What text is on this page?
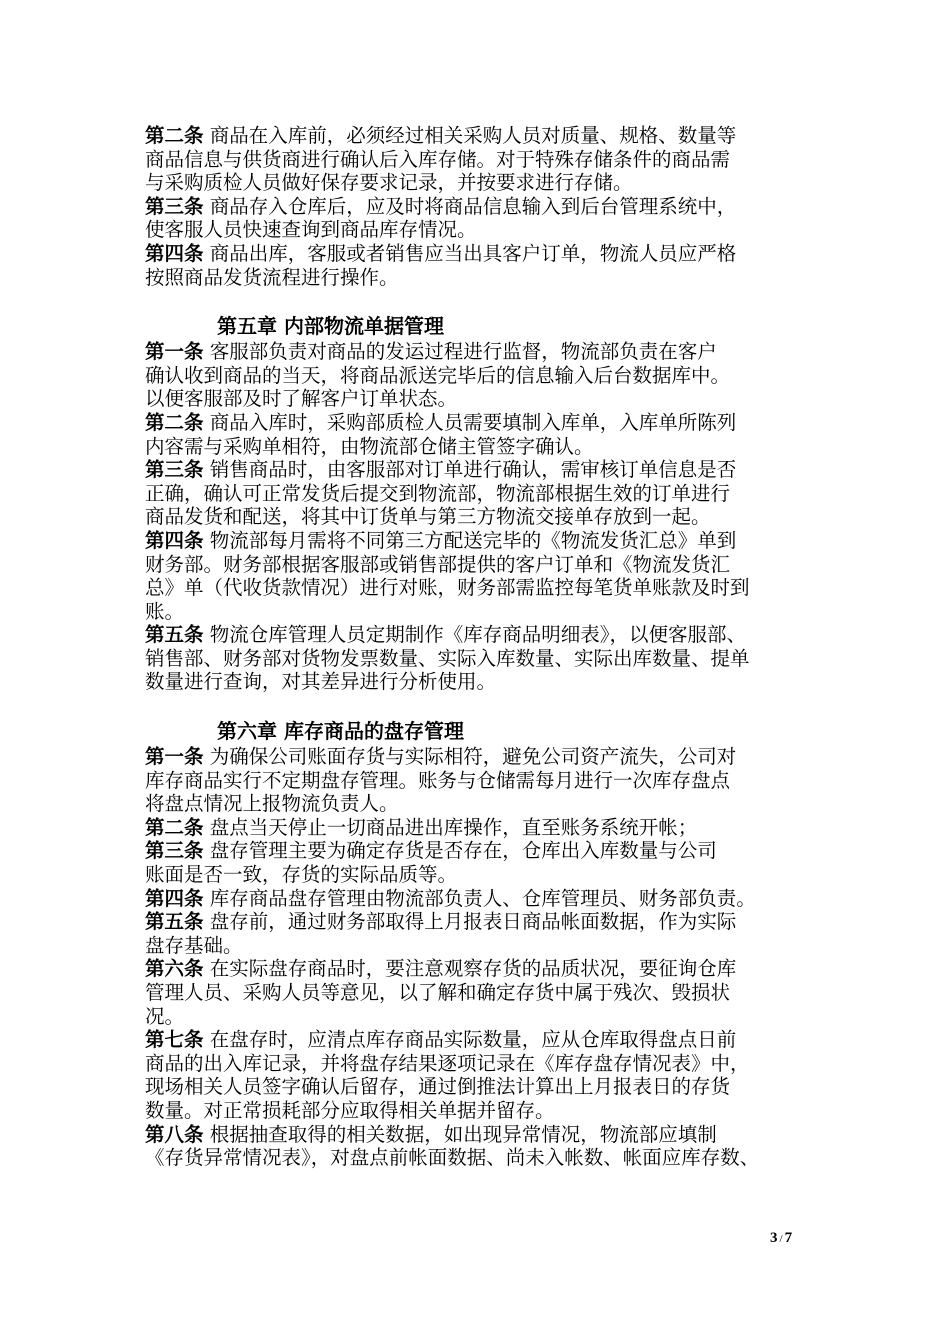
第二条 商品在入库前，必须经过相关采购人员对质量、规格、数量等
商品信息与供货商进行确认后入库存储。对于特殊存储条件的商品需
与采购质检人员做好保存要求记录，并按要求进行存储。
第三条 商品存入仓库后，应及时将商品信息输入到后台管理系统中，
使客服人员快速查询到商品库存情况。
第四条 商品出库，客服或者销售应当出具客户订单，物流人员应严格
按照商品发货流程进行操作。
第五章 内部物流单据管理
第一条 客服部负责对商品的发运过程进行监督，物流部负责在客户
确认收到商品的当天，将商品派送完毕后的信息输入后台数据库中。
以便客服部及时了解客户订单状态。
第二条 商品入库时，采购部质检人员需要填制入库单，入库单所陈列
内容需与采购单相符，由物流部仓储主管签字确认。
第三条 销售商品时，由客服部对订单进行确认，需审核订单信息是否
正确，确认可正常发货后提交到物流部，物流部根据生效的订单进行
商品发货和配送，将其中订货单与第三方物流交接单存放到一起。
第四条 物流部每月需将不同第三方配送完毕的《物流发货汇总》单到
财务部。财务部根据客服部或销售部提供的客户订单和《物流发货汇
总》单（代收货款情况）进行对账，财务部需监控每笔货单账款及时到
账。
第五条 物流仓库管理人员定期制作《库存商品明细表》，以便客服部、
销售部、财务部对货物发票数量、实际入库数量、实际出库数量、提单
数量进行查询，对其差异进行分析使用。
第六章 库存商品的盘存管理
第一条 为确保公司账面存货与实际相符，避免公司资产流失，公司对
库存商品实行不定期盘存管理。账务与仓储需每月进行一次库存盘点
将盘点情况上报物流负责人。
第二条 盘点当天停止一切商品进出库操作，直至账务系统开帐；
第三条 盘存管理主要为确定存货是否存在，仓库出入库数量与公司
账面是否一致，存货的实际品质等。
第四条 库存商品盘存管理由物流部负责人、仓库管理员、财务部负责。
第五条 盘存前，通过财务部取得上月报表日商品帐面数据，作为实际
盘存基础。
第六条 在实际盘存商品时，要注意观察存货的品质状况，要征询仓库
管理人员、采购人员等意见，以了解和确定存货中属于残次、毁损状
况。
第七条 在盘存时，应清点库存商品实际数量，应从仓库取得盘点日前
商品的出入库记录，并将盘存结果逐项记录在《库存盘存情况表》中，
现场相关人员签字确认后留存，通过倒推法计算出上月报表日的存货
数量。对正常损耗部分应取得相关单据并留存。
第八条 根据抽查取得的相关数据，如出现异常情况，物流部应填制
《存货异常情况表》，对盘点前帐面数据、尚未入帐数、帐面应库存数、
3 / 7
